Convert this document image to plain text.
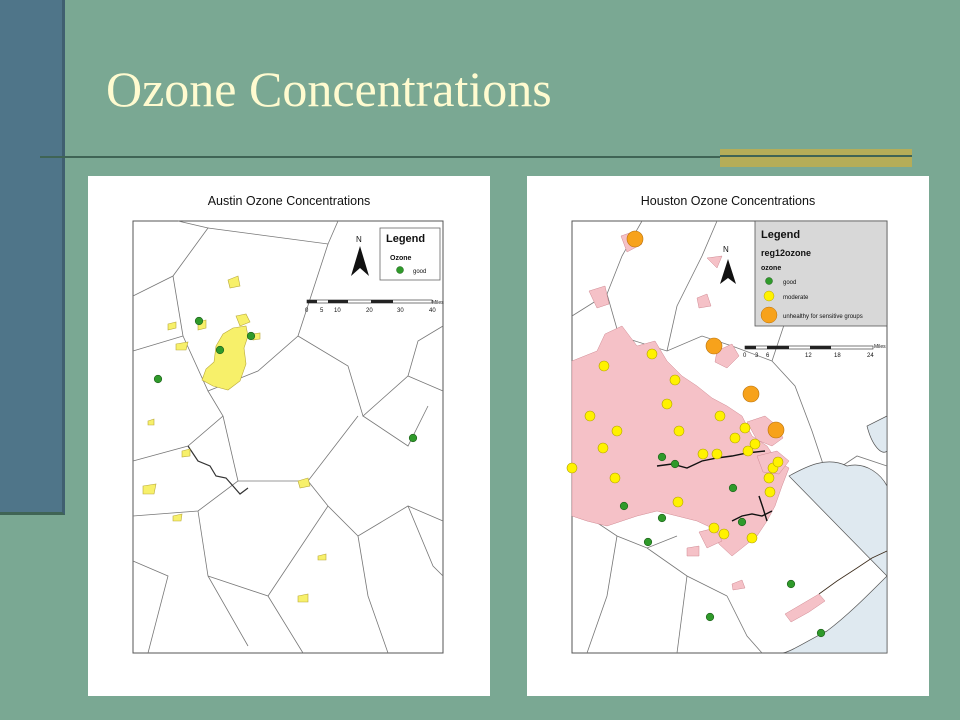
Ozone Concentrations
Austin Ozone Concentrations
N Legend
Ozone
good
Miles
0 5 10	20	30	40
Houston Ozone Concentrations
N
Legend
reg12ozone
ozone
good
moderate
unhealthy for sensitive groups
Miles
0 3 6	12	18	24
